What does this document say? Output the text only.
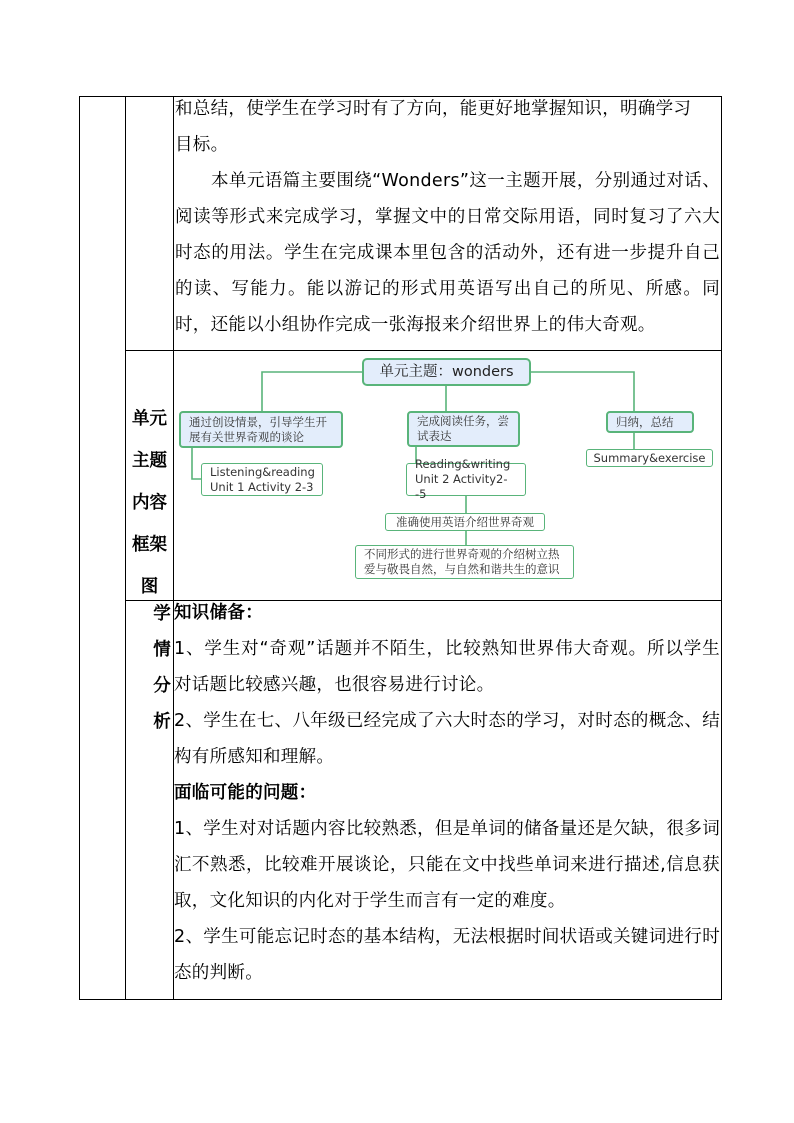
和总结，使学生在学习时有了方向，能更好地掌握知识，明确学习
目标。
本单元语篇主要围绕“Wonders”这一主题开展，分别通过对话、阅读等形式来完成学习，掌握文中的日常交际用语，同时复习了六大时态的用法。学生在完成课本里包含的活动外，还有进一步提升自己的读、写能力。能以游记的形式用英语写出自己的所见、所感。同时，还能以小组协作完成一张海报来介绍世界上的伟大奇观。
单元
主题
内容
框架
图
单元主题：wonders
通过创设情景，引导学生开展有关世界奇观的谈论
完成阅读任务，尝试表达
归纳，总结
Listening&reading Unit 1 Activity 2-3
Reading&writing Unit 2 Activity2--5
Summary&exercise
准确使用英语介绍世界奇观
不同形式的进行世界奇观的介绍树立热爱与敬畏自然，与自然和谐共生的意识
学
情
分
析
知识储备：
1、学生对“奇观”话题并不陌生，比较熟知世界伟大奇观。所以学生对话题比较感兴趣，也很容易进行讨论。
2、学生在七、八年级已经完成了六大时态的学习，对时态的概念、结构有所感知和理解。
面临可能的问题：
1、学生对对话题内容比较熟悉，但是单词的储备量还是欠缺，很多词汇不熟悉，比较难开展谈论，只能在文中找些单词来进行描述,信息获取，文化知识的内化对于学生而言有一定的难度。
2、学生可能忘记时态的基本结构，无法根据时间状语或关键词进行时态的判断。
